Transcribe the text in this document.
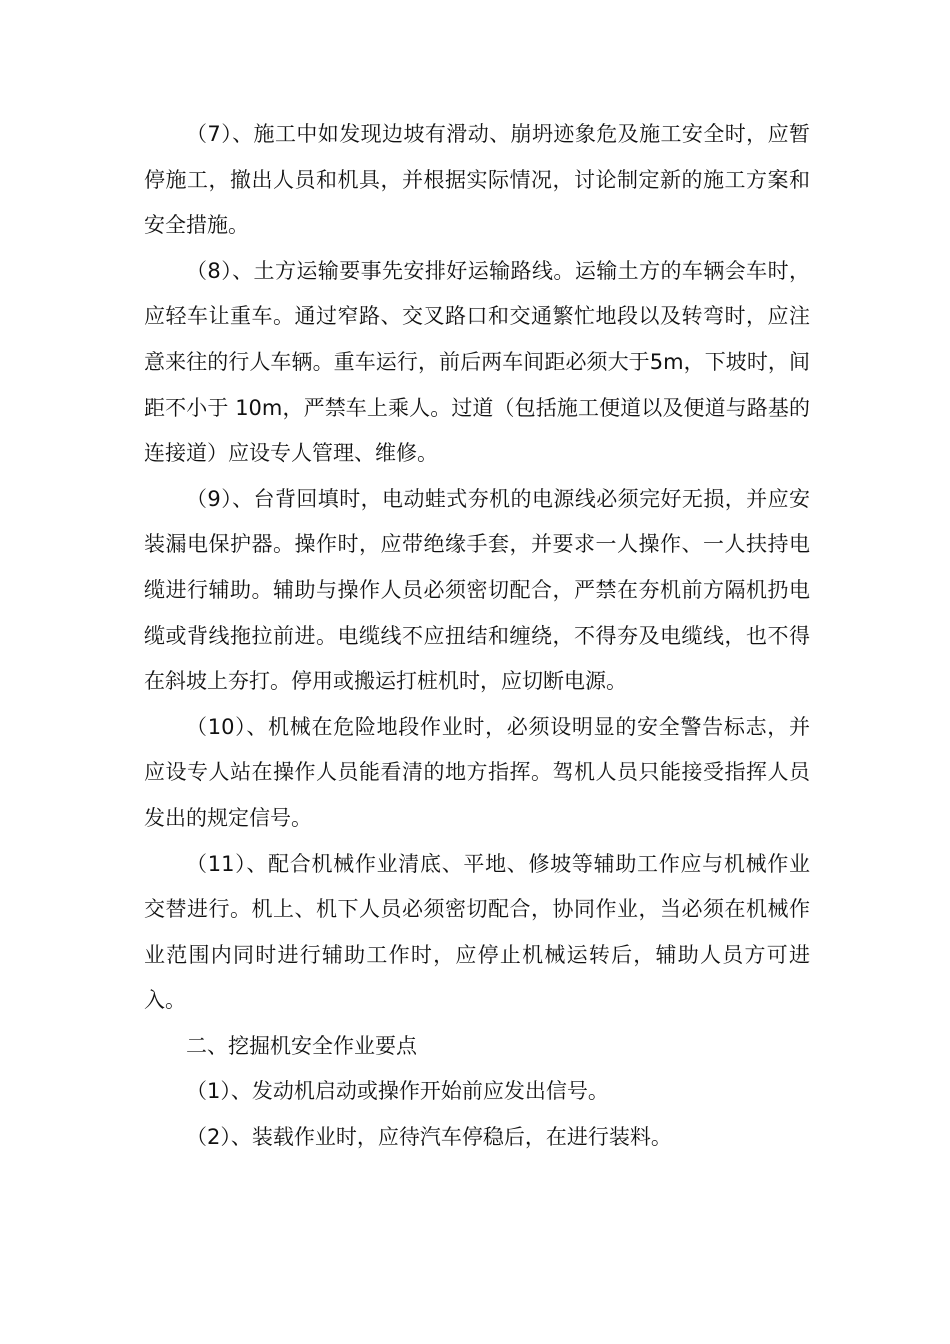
（7）、施工中如发现边坡有滑动、崩坍迹象危及施工安全时，应暂停施工，撤出人员和机具，并根据实际情况，讨论制定新的施工方案和安全措施。

（8）、土方运输要事先安排好运输路线。运输土方的车辆会车时，应轻车让重车。通过窄路、交叉路口和交通繁忙地段以及转弯时，应注意来往的行人车辆。重车运行，前后两车间距必须大于5m，下坡时，间距不小于 10m，严禁车上乘人。过道（包括施工便道以及便道与路基的连接道）应设专人管理、维修。

（9）、台背回填时，电动蛙式夯机的电源线必须完好无损，并应安装漏电保护器。操作时，应带绝缘手套，并要求一人操作、一人扶持电缆进行辅助。辅助与操作人员必须密切配合，严禁在夯机前方隔机扔电缆或背线拖拉前进。电缆线不应扭结和缠绕，不得夯及电缆线，也不得在斜坡上夯打。停用或搬运打桩机时，应切断电源。

（10）、机械在危险地段作业时，必须设明显的安全警告标志，并应设专人站在操作人员能看清的地方指挥。驾机人员只能接受指挥人员发出的规定信号。

（11）、配合机械作业清底、平地、修坡等辅助工作应与机械作业交替进行。机上、机下人员必须密切配合，协同作业，当必须在机械作业范围内同时进行辅助工作时，应停止机械运转后，辅助人员方可进入。

二、挖掘机安全作业要点

（1）、发动机启动或操作开始前应发出信号。

（2）、装载作业时，应待汽车停稳后，在进行装料。
